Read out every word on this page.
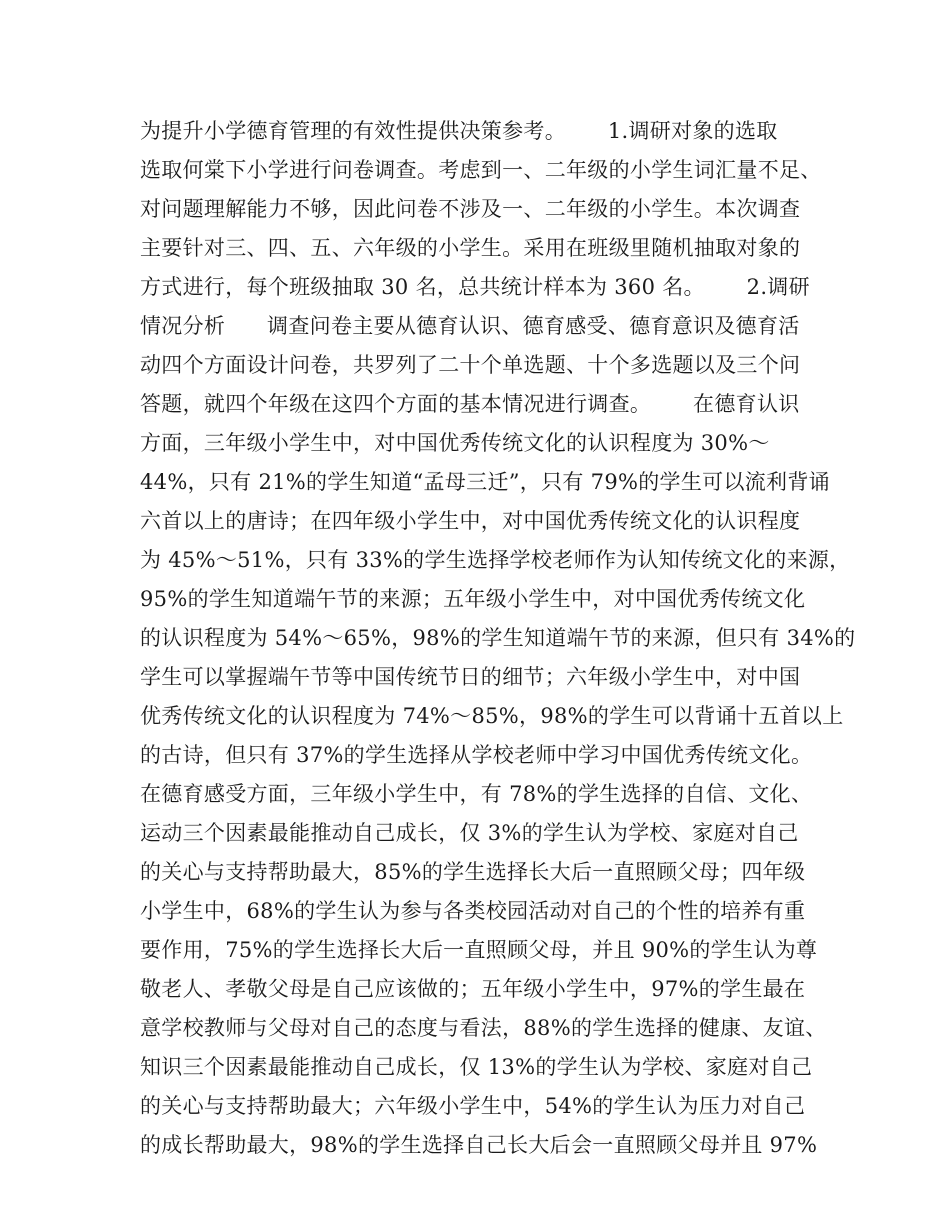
为提升小学德育管理的有效性提供决策参考。      1.调研对象的选取
选取何棠下小学进行问卷调查。考虑到一、二年级的小学生词汇量不足、
对问题理解能力不够，因此问卷不涉及一、二年级的小学生。本次调查
主要针对三、四、五、六年级的小学生。采用在班级里随机抽取对象的
方式进行，每个班级抽取 30 名，总共统计样本为 360 名。      2.调研
情况分析      调查问卷主要从德育认识、德育感受、德育意识及德育活
动四个方面设计问卷，共罗列了二十个单选题、十个多选题以及三个问
答题，就四个年级在这四个方面的基本情况进行调查。      在德育认识
方面，三年级小学生中，对中国优秀传统文化的认识程度为 30%～
44%，只有 21%的学生知道“孟母三迁”，只有 79%的学生可以流利背诵
六首以上的唐诗；在四年级小学生中，对中国优秀传统文化的认识程度
为 45%～51%，只有 33%的学生选择学校老师作为认知传统文化的来源，
95%的学生知道端午节的来源；五年级小学生中，对中国优秀传统文化
的认识程度为 54%～65%，98%的学生知道端午节的来源，但只有 34%的
学生可以掌握端午节等中国传统节日的细节；六年级小学生中，对中国
优秀传统文化的认识程度为 74%～85%，98%的学生可以背诵十五首以上
的古诗，但只有 37%的学生选择从学校老师中学习中国优秀传统文化。
在德育感受方面，三年级小学生中，有 78%的学生选择的自信、文化、
运动三个因素最能推动自己成长，仅 3%的学生认为学校、家庭对自己
的关心与支持帮助最大，85%的学生选择长大后一直照顾父母；四年级
小学生中，68%的学生认为参与各类校园活动对自己的个性的培养有重
要作用，75%的学生选择长大后一直照顾父母，并且 90%的学生认为尊
敬老人、孝敬父母是自己应该做的；五年级小学生中，97%的学生最在
意学校教师与父母对自己的态度与看法，88%的学生选择的健康、友谊、
知识三个因素最能推动自己成长，仅 13%的学生认为学校、家庭对自己
的关心与支持帮助最大；六年级小学生中，54%的学生认为压力对自己
的成长帮助最大，98%的学生选择自己长大后会一直照顾父母并且 97%
